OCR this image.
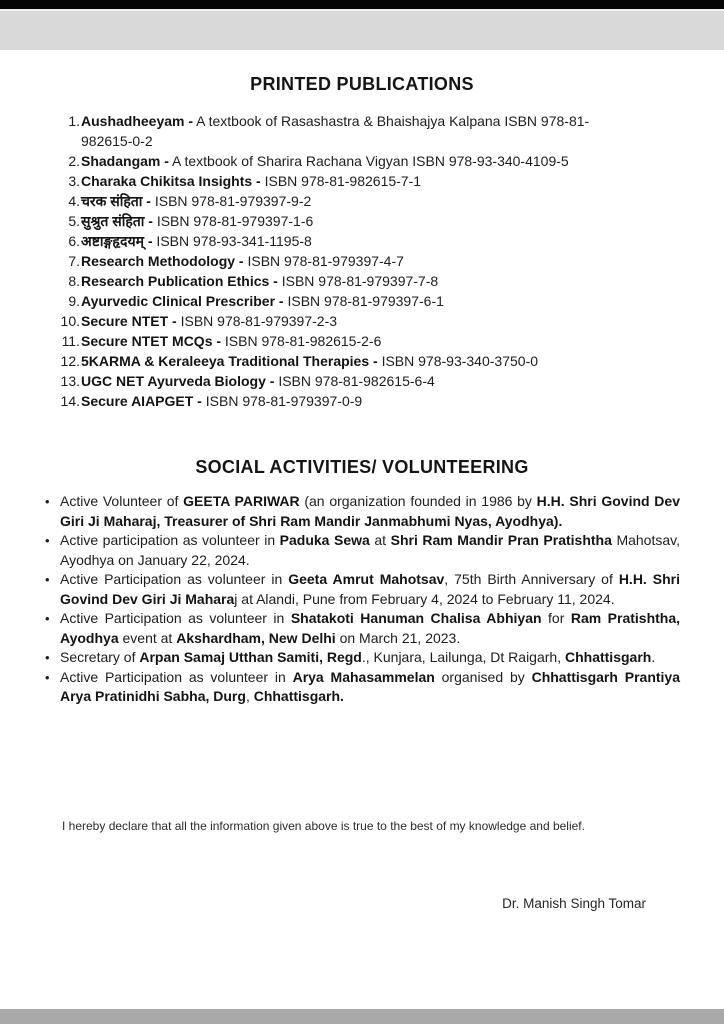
PRINTED PUBLICATIONS
1. Aushadheeyam - A textbook of Rasashastra & Bhaishajya Kalpana ISBN 978-81-982615-0-2
2. Shadangam - A textbook of Sharira Rachana Vigyan ISBN 978-93-340-4109-5
3. Charaka Chikitsa Insights - ISBN 978-81-982615-7-1
4. चरक संहिता - ISBN 978-81-979397-9-2
5. सुश्रुत संहिता - ISBN 978-81-979397-1-6
6. अष्टाङ्गहृदयम् - ISBN 978-93-341-1195-8
7. Research Methodology - ISBN 978-81-979397-4-7
8. Research Publication Ethics - ISBN 978-81-979397-7-8
9. Ayurvedic Clinical Prescriber - ISBN 978-81-979397-6-1
10. Secure NTET - ISBN 978-81-979397-2-3
11. Secure NTET MCQs - ISBN 978-81-982615-2-6
12. 5KARMA & Keraleeya Traditional Therapies - ISBN 978-93-340-3750-0
13. UGC NET Ayurveda Biology - ISBN 978-81-982615-6-4
14. Secure AIAPGET - ISBN 978-81-979397-0-9
SOCIAL ACTIVITIES/ VOLUNTEERING
• Active Volunteer of GEETA PARIWAR (an organization founded in 1986 by H.H. Shri Govind Dev Giri Ji Maharaj, Treasurer of Shri Ram Mandir Janmabhumi Nyas, Ayodhya).
• Active participation as volunteer in Paduka Sewa at Shri Ram Mandir Pran Pratishtha Mahotsav, Ayodhya on January 22, 2024.
• Active Participation as volunteer in Geeta Amrut Mahotsav, 75th Birth Anniversary of H.H. Shri Govind Dev Giri Ji Maharaj at Alandi, Pune from February 4, 2024 to February 11, 2024.
• Active Participation as volunteer in Shatakoti Hanuman Chalisa Abhiyan for Ram Pratishtha, Ayodhya event at Akshardham, New Delhi on March 21, 2023.
• Secretary of Arpan Samaj Utthan Samiti, Regd., Kunjara, Lailunga, Dt Raigarh, Chhattisgarh.
• Active Participation as volunteer in Arya Mahasammelan organised by Chhattisgarh Prantiya Arya Pratinidhi Sabha, Durg, Chhattisgarh.

I hereby declare that all the information given above is true to the best of my knowledge and belief.

Dr. Manish Singh Tomar
